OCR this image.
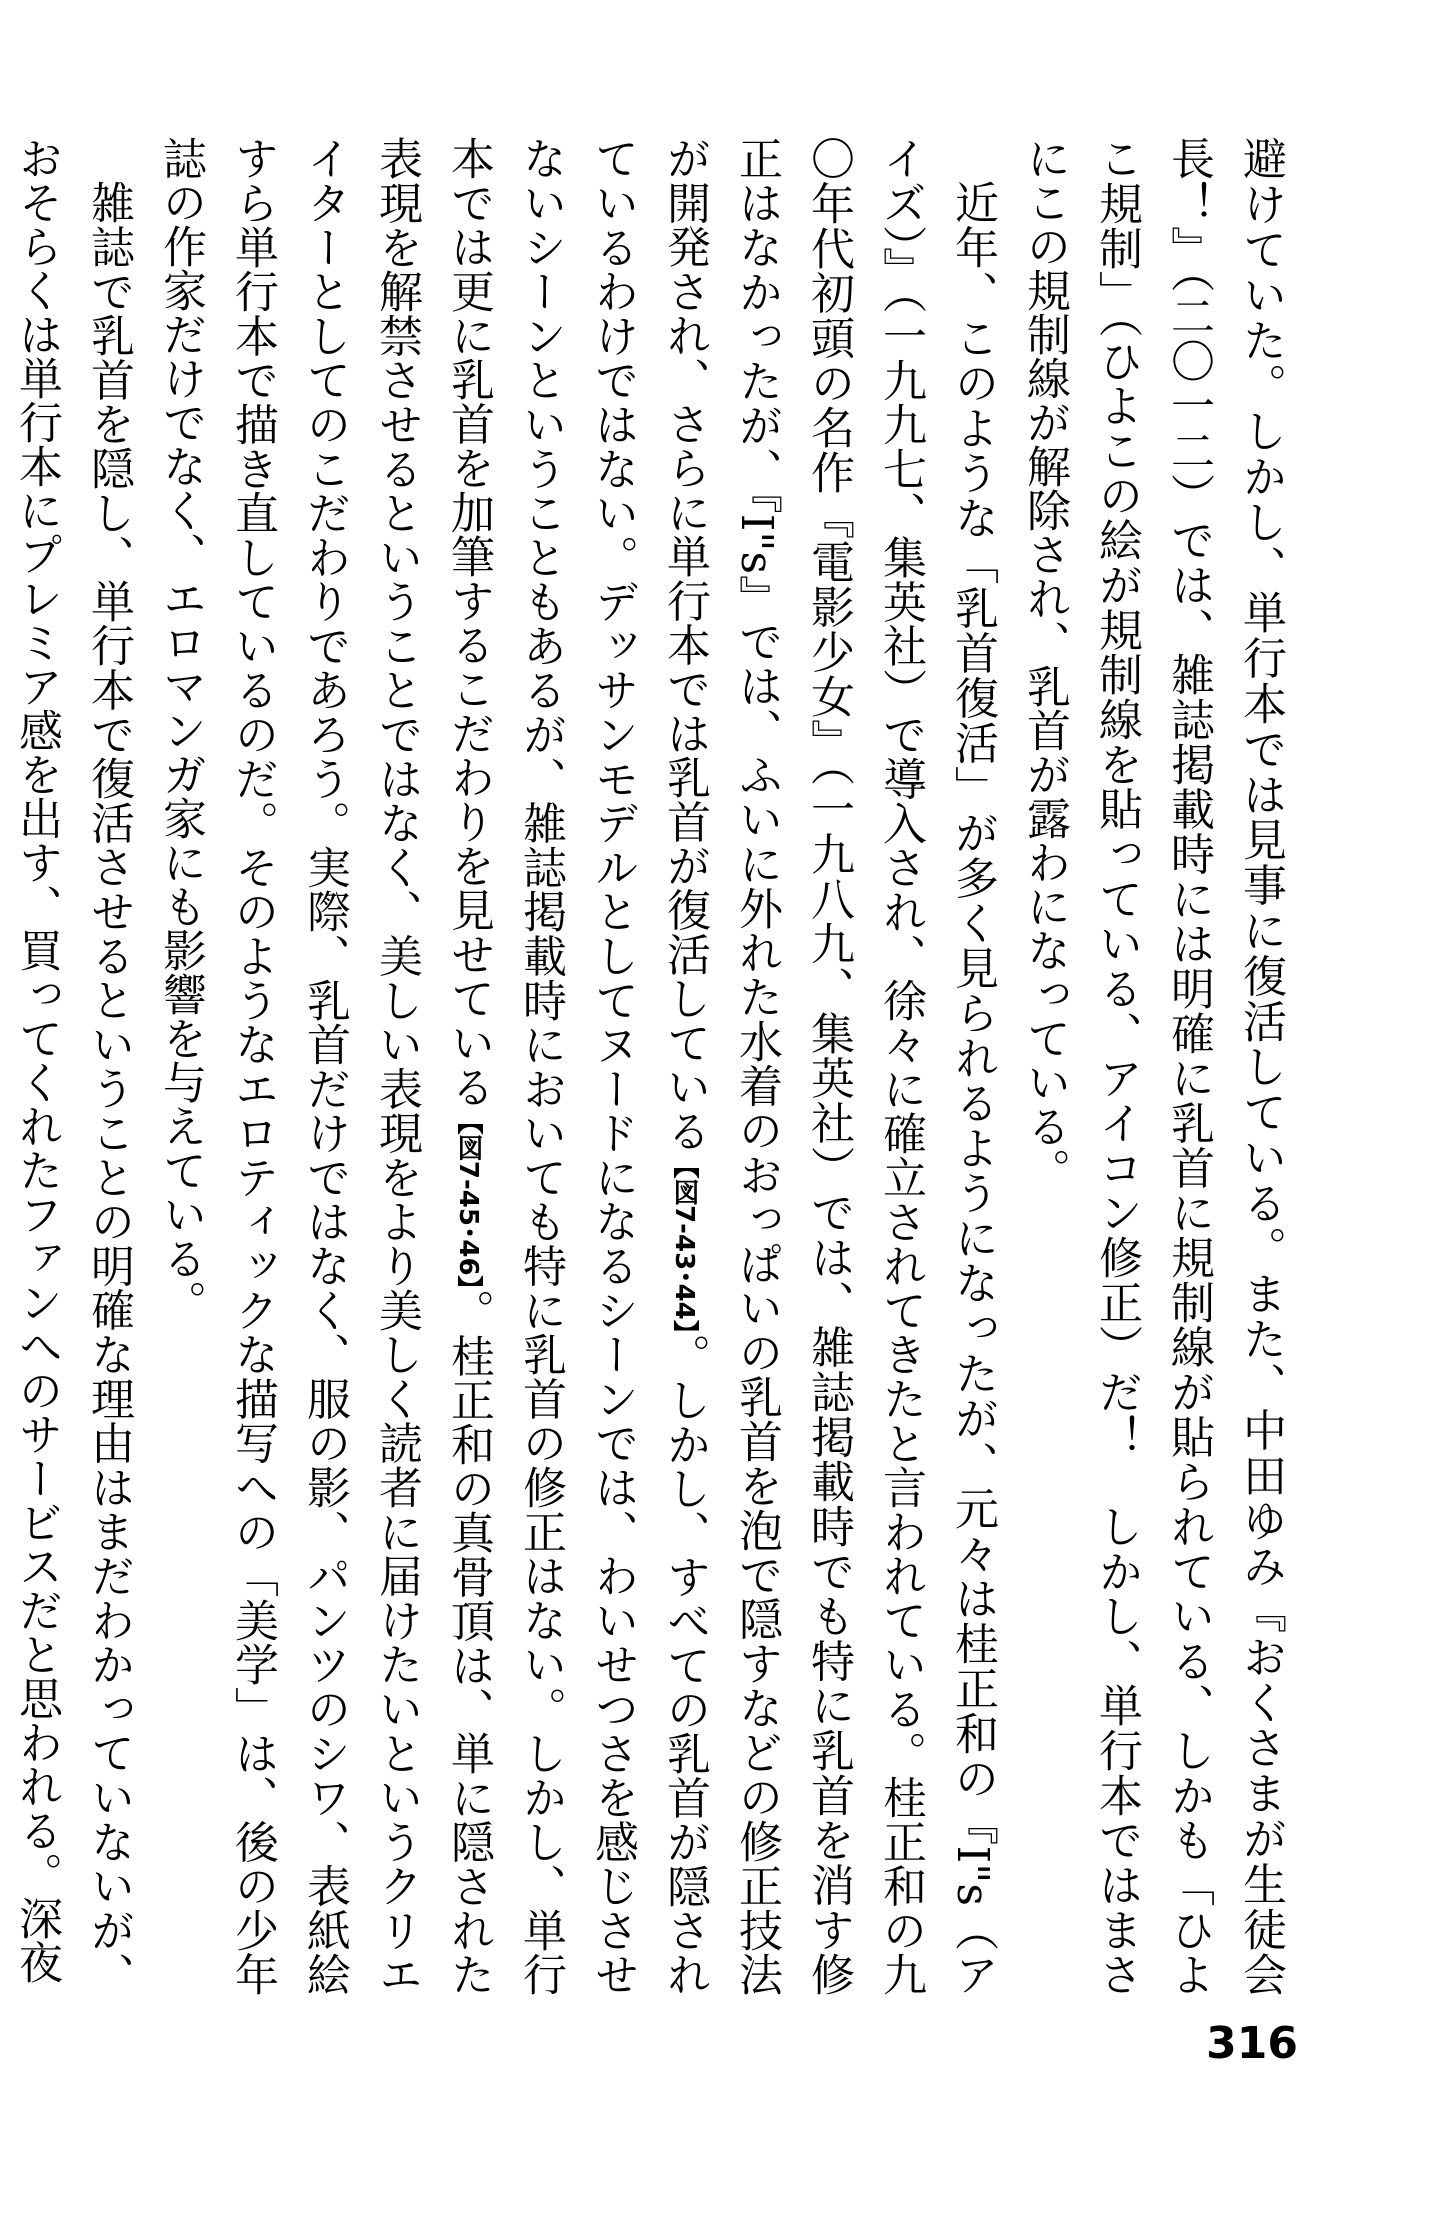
避けていた。しかし、単行本では見事に復活している。また、中田ゆみ『おくさまが生徒会長！』（二〇一二）では、雑誌掲載時には明確に乳首に規制線が貼られている、しかも「ひよこ規制」（ひよこの絵が規制線を貼っている、アイコン修正）だ！　しかし、単行本ではまさにこの規制線が解除され、乳首が露わになっている。

近年、このような「乳首復活」が多く見られるようになったが、元々は桂正和の『I"s（アイズ）』（一九九七、集英社）で導入され、徐々に確立されてきたと言われている。桂正和の九〇年代初頭の名作『電影少女』（一九八九、集英社）では、雑誌掲載時でも特に乳首を消す修正はなかったが、『I"s』では、ふいに外れた水着のおっぱいの乳首を泡で隠すなどの修正技法が開発され、さらに単行本では乳首が復活している【図7-43･44】。しかし、すべての乳首が隠されているわけではない。デッサンモデルとしてヌードになるシーンでは、わいせつさを感じさせないシーンということもあるが、雑誌掲載時においても特に乳首の修正はない。しかし、単行本では更に乳首を加筆するこだわりを見せている【図7-45･46】。桂正和の真骨頂は、単に隠された表現を解禁させるということではなく、美しい表現をより美しく読者に届けたいというクリエイターとしてのこだわりであろう。実際、乳首だけではなく、服の影、パンツのシワ、表紙絵すら単行本で描き直しているのだ。そのようなエロティックな描写への「美学」は、後の少年誌の作家だけでなく、エロマンガ家にも影響を与えている。

雑誌で乳首を隠し、単行本で復活させるということの明確な理由はまだわかっていないが、おそらくは単行本にプレミア感を出す、買ってくれたファンへのサービスだと思われる。深夜

316
